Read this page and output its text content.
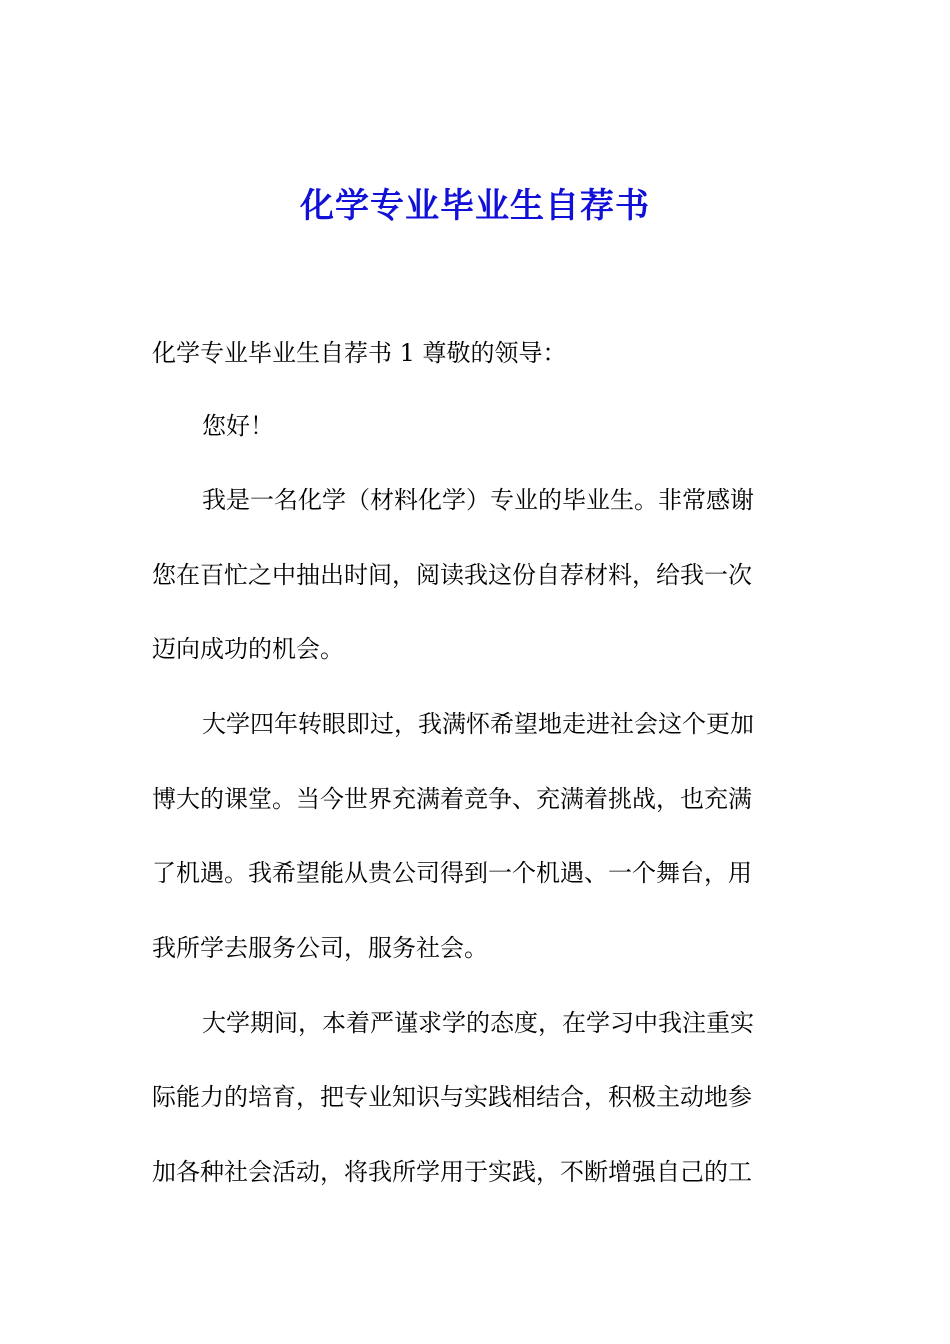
化学专业毕业生自荐书

化学专业毕业生自荐书 1 尊敬的领导：

您好！

我是一名化学（材料化学）专业的毕业生。非常感谢

您在百忙之中抽出时间，阅读我这份自荐材料，给我一次

迈向成功的机会。

大学四年转眼即过，我满怀希望地走进社会这个更加

博大的课堂。当今世界充满着竞争、充满着挑战，也充满

了机遇。我希望能从贵公司得到一个机遇、一个舞台，用

我所学去服务公司，服务社会。

大学期间，本着严谨求学的态度，在学习中我注重实

际能力的培育，把专业知识与实践相结合，积极主动地参

加各种社会活动，将我所学用于实践，不断增强自己的工
